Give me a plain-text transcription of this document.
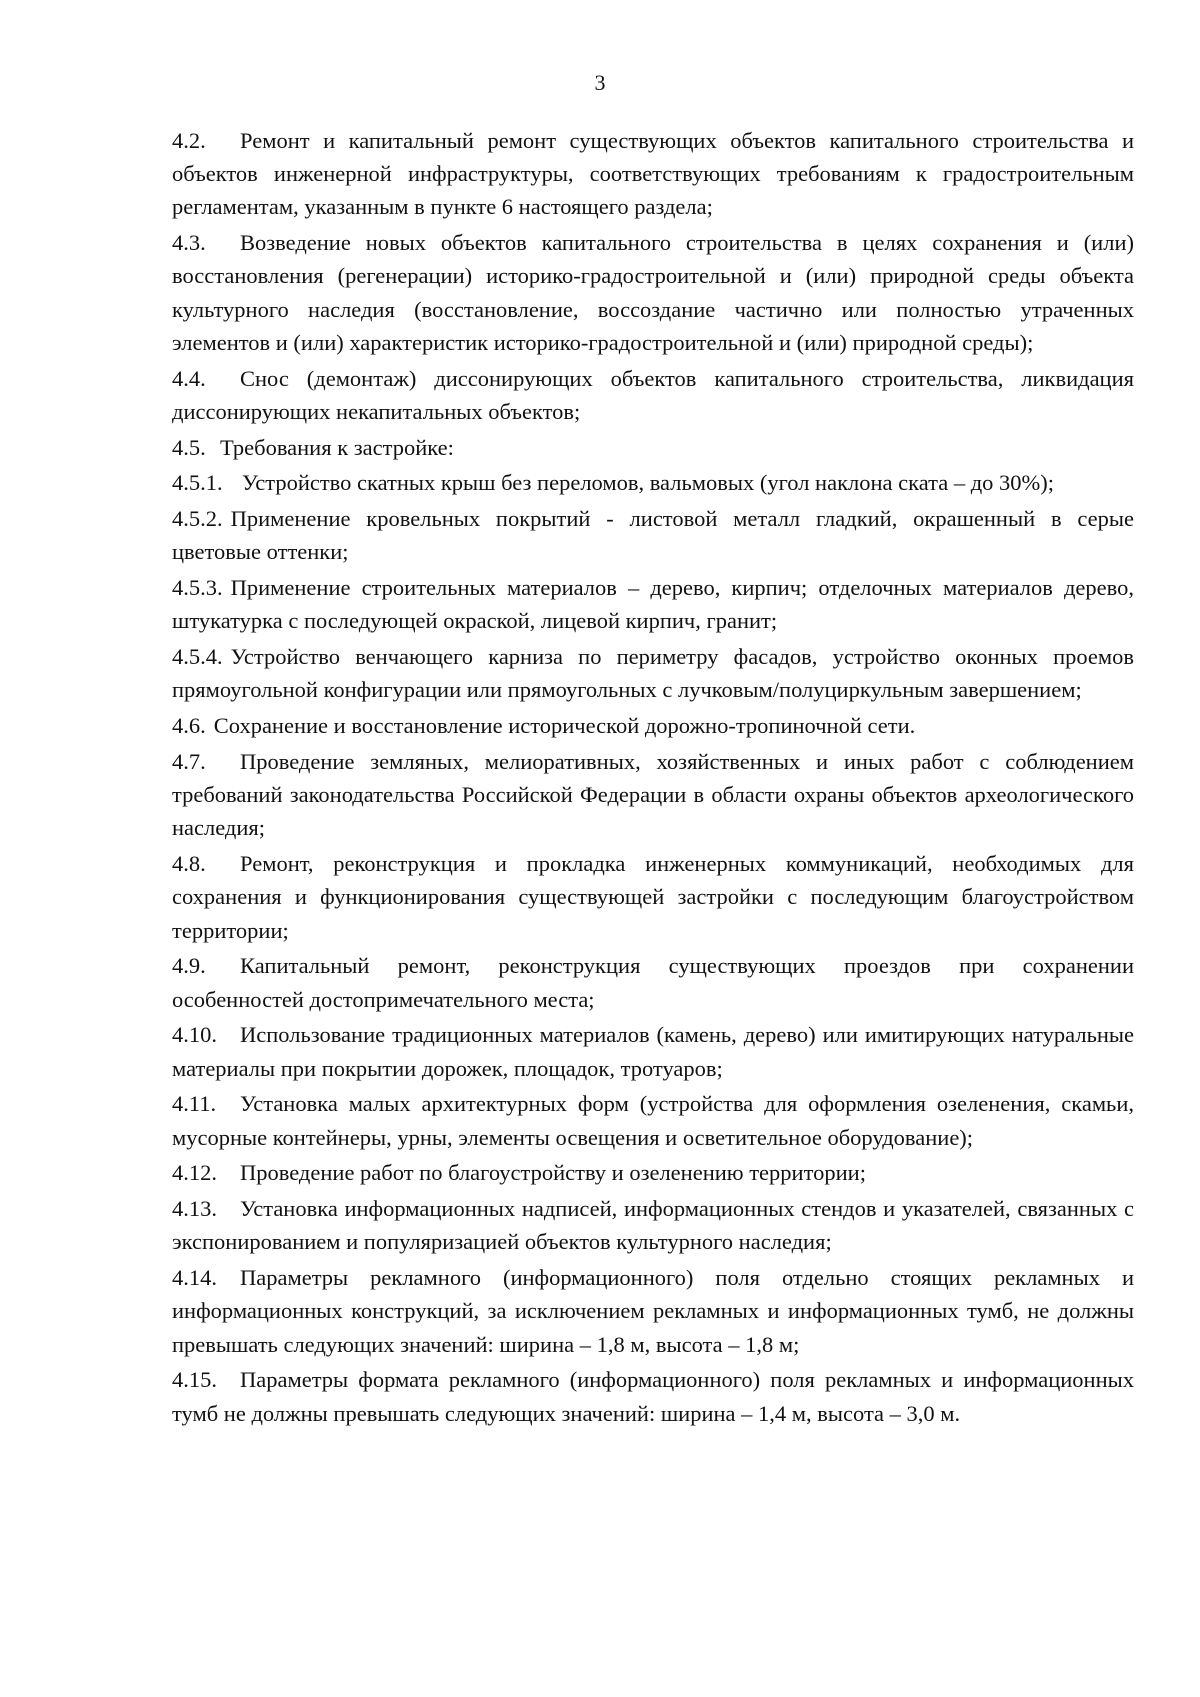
3

4.2. Ремонт и капитальный ремонт существующих объектов капитального строительства и объектов инженерной инфраструктуры, соответствующих требованиям к градостроительным регламентам, указанным в пункте 6 настоящего раздела;

4.3. Возведение новых объектов капитального строительства в целях сохранения и (или) восстановления (регенерации) историко-градостроительной и (или) природной среды объекта культурного наследия (восстановление, воссоздание частично или полностью утраченных элементов и (или) характеристик историко-градостроительной и (или) природной среды);

4.4. Снос (демонтаж) диссонирующих объектов капитального строительства, ликвидация диссонирующих некапитальных объектов;

4.5. Требования к застройке:

4.5.1. Устройство скатных крыш без переломов, вальмовых (угол наклона ската – до 30%);

4.5.2. Применение кровельных покрытий - листовой металл гладкий, окрашенный в серые цветовые оттенки;

4.5.3. Применение строительных материалов – дерево, кирпич; отделочных материалов дерево, штукатурка с последующей окраской, лицевой кирпич, гранит;

4.5.4. Устройство венчающего карниза по периметру фасадов, устройство оконных проемов прямоугольной конфигурации или прямоугольных с лучковым/полуциркульным завершением;

4.6. Сохранение и восстановление исторической дорожно-тропиночной сети.

4.7. Проведение земляных, мелиоративных, хозяйственных и иных работ с соблюдением требований законодательства Российской Федерации в области охраны объектов археологического наследия;

4.8. Ремонт, реконструкция и прокладка инженерных коммуникаций, необходимых для сохранения и функционирования существующей застройки с последующим благоустройством территории;

4.9. Капитальный ремонт, реконструкция существующих проездов при сохранении особенностей достопримечательного места;

4.10. Использование традиционных материалов (камень, дерево) или имитирующих натуральные материалы при покрытии дорожек, площадок, тротуаров;

4.11. Установка малых архитектурных форм (устройства для оформления озеленения, скамьи, мусорные контейнеры, урны, элементы освещения и осветительное оборудование);

4.12. Проведение работ по благоустройству и озеленению территории;

4.13. Установка информационных надписей, информационных стендов и указателей, связанных с экспонированием и популяризацией объектов культурного наследия;

4.14. Параметры рекламного (информационного) поля отдельно стоящих рекламных и информационных конструкций, за исключением рекламных и информационных тумб, не должны превышать следующих значений: ширина – 1,8 м, высота – 1,8 м;

4.15. Параметры формата рекламного (информационного) поля рекламных и информационных тумб не должны превышать следующих значений: ширина – 1,4 м, высота – 3,0 м.
